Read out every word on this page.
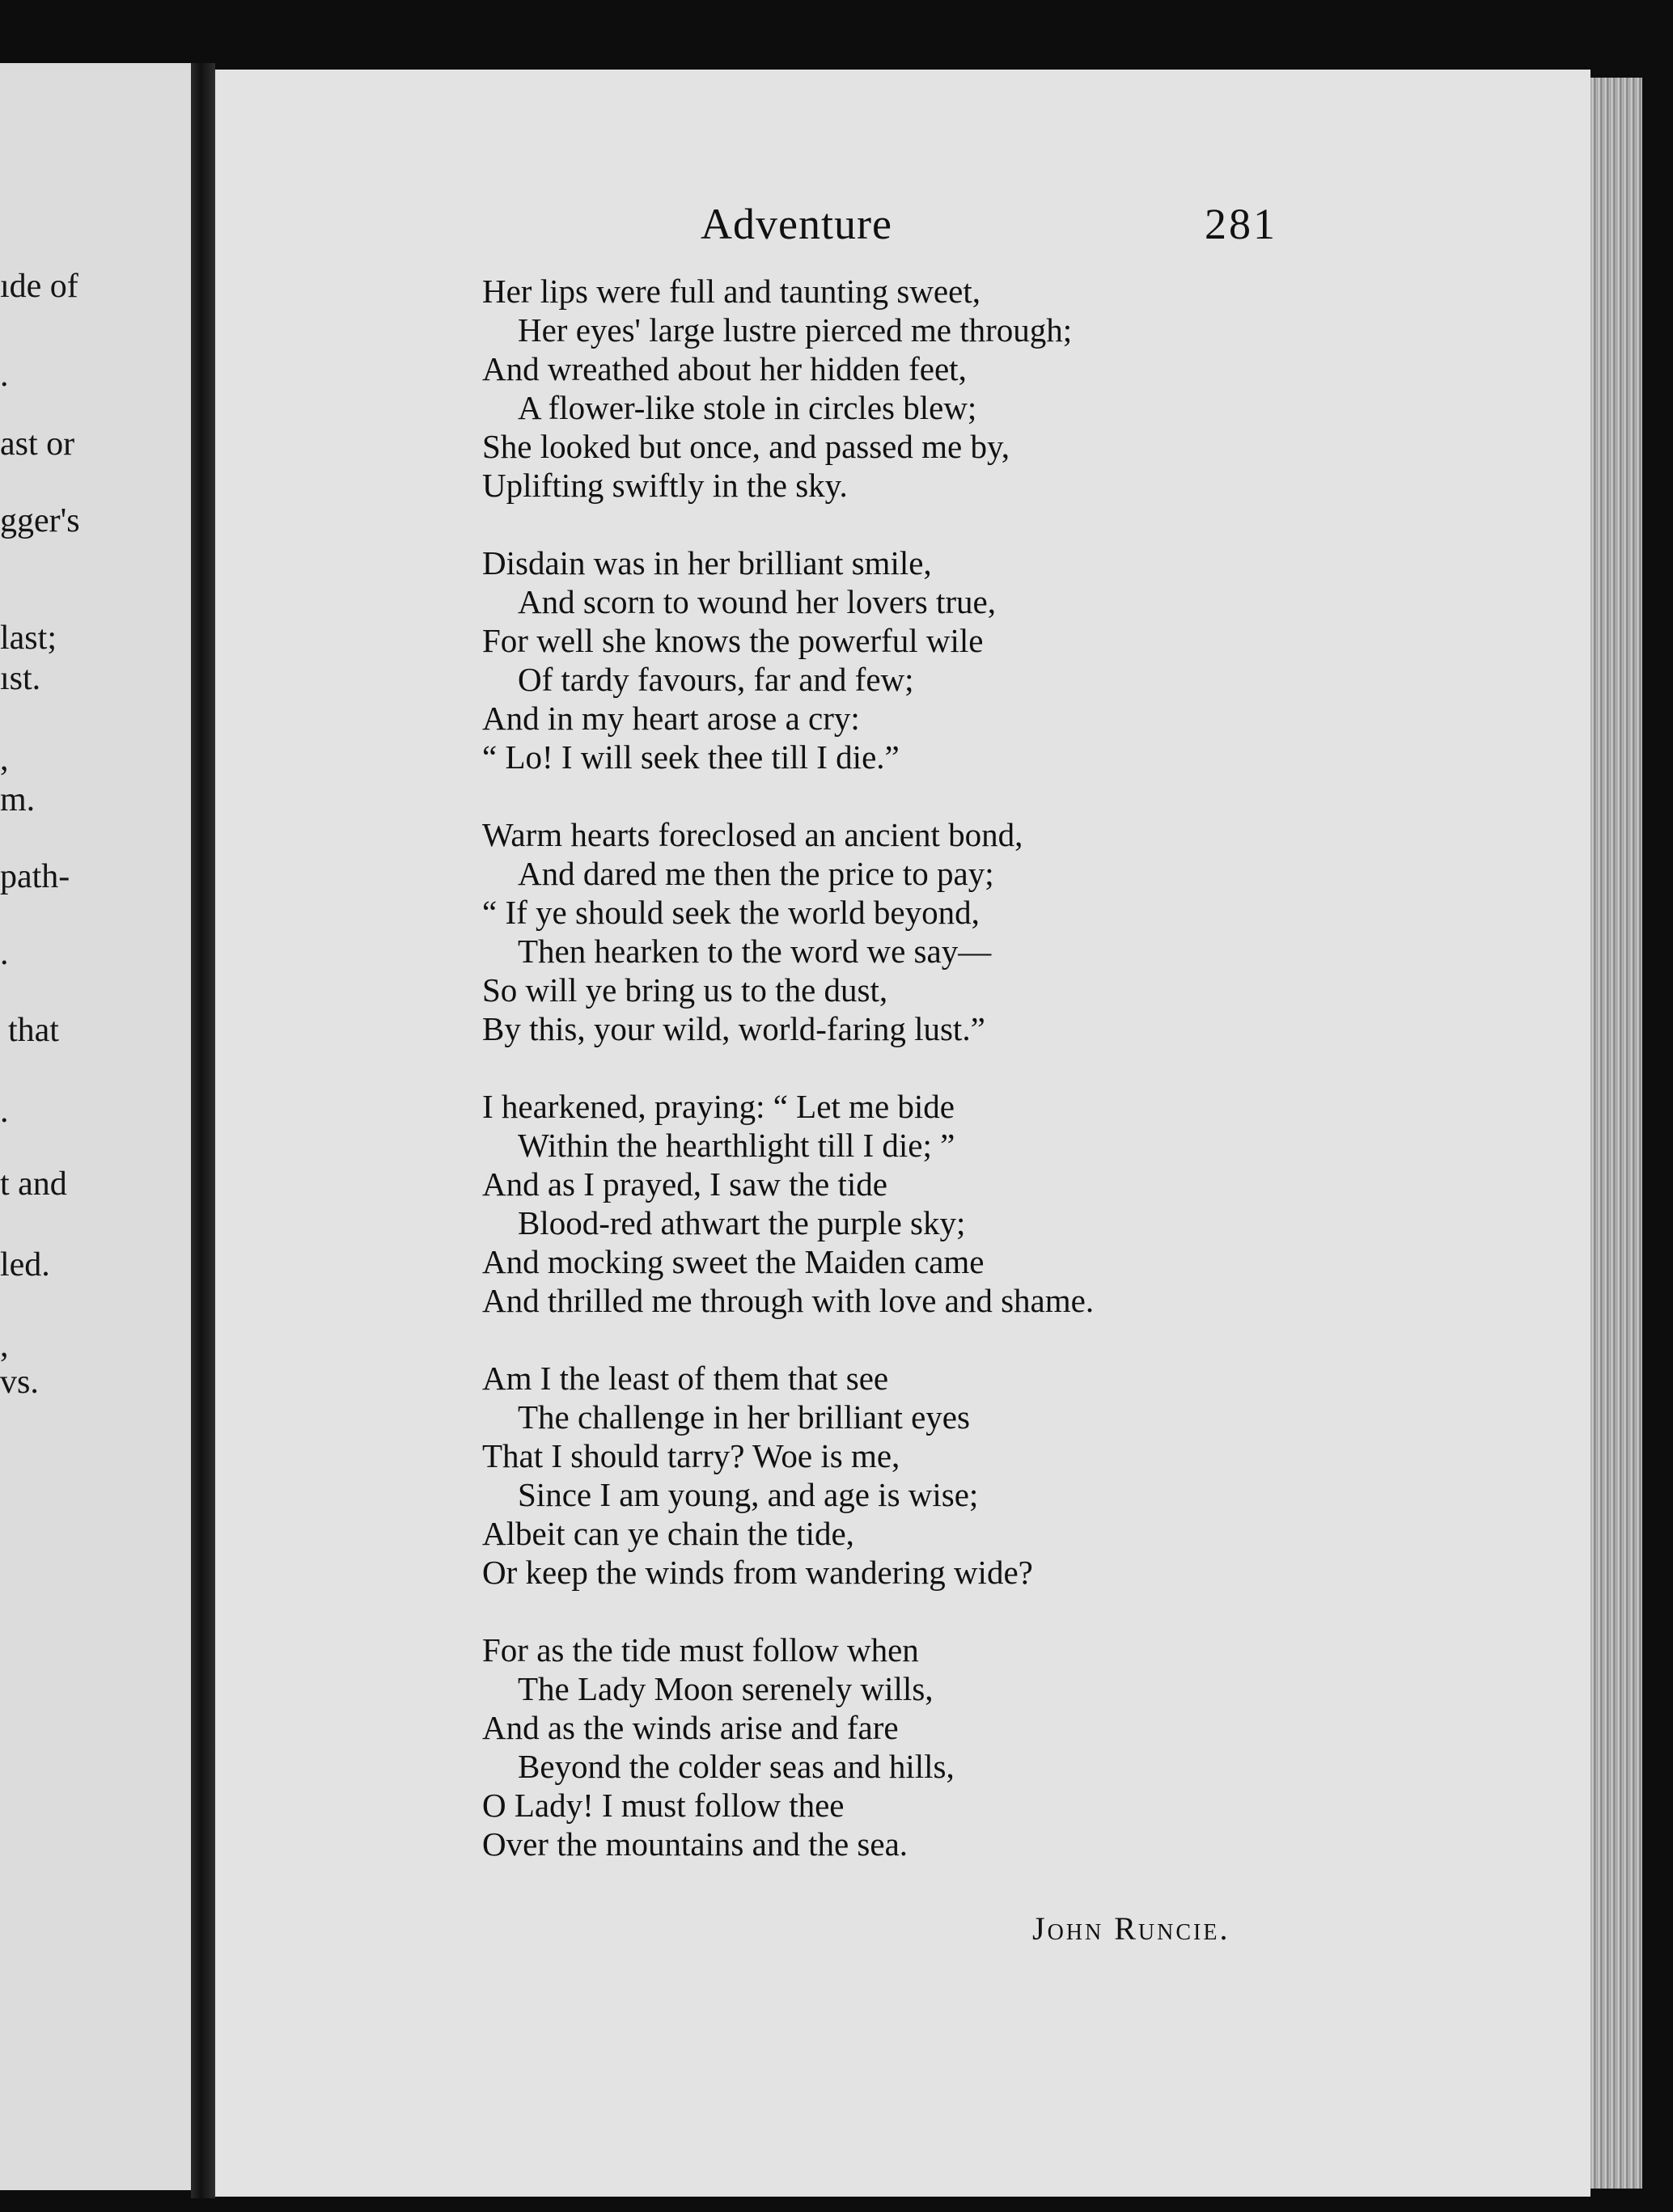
ıde of
.
ast or
gger's
last;
ıst.
,
m.
path-
.
that
.
t and
led.
,
vs.
Adventure	281
Her lips were full and taunting sweet,
Her eyes' large lustre pierced me through;
And wreathed about her hidden feet,
A flower-like stole in circles blew;
She looked but once, and passed me by,
Uplifting swiftly in the sky.
Disdain was in her brilliant smile,
And scorn to wound her lovers true,
For well she knows the powerful wile
Of tardy favours, far and few;
And in my heart arose a cry:
“ Lo! I will seek thee till I die.”
Warm hearts foreclosed an ancient bond,
And dared me then the price to pay;
“ If ye should seek the world beyond,
Then hearken to the word we say—
So will ye bring us to the dust,
By this, your wild, world-faring lust.”
I hearkened, praying: “ Let me bide
Within the hearthlight till I die; ”
And as I prayed, I saw the tide
Blood-red athwart the purple sky;
And mocking sweet the Maiden came
And thrilled me through with love and shame.
Am I the least of them that see
The challenge in her brilliant eyes
That I should tarry? Woe is me,
Since I am young, and age is wise;
Albeit can ye chain the tide,
Or keep the winds from wandering wide?
For as the tide must follow when
The Lady Moon serenely wills,
And as the winds arise and fare
Beyond the colder seas and hills,
O Lady! I must follow thee
Over the mountains and the sea.
John Runcie.
